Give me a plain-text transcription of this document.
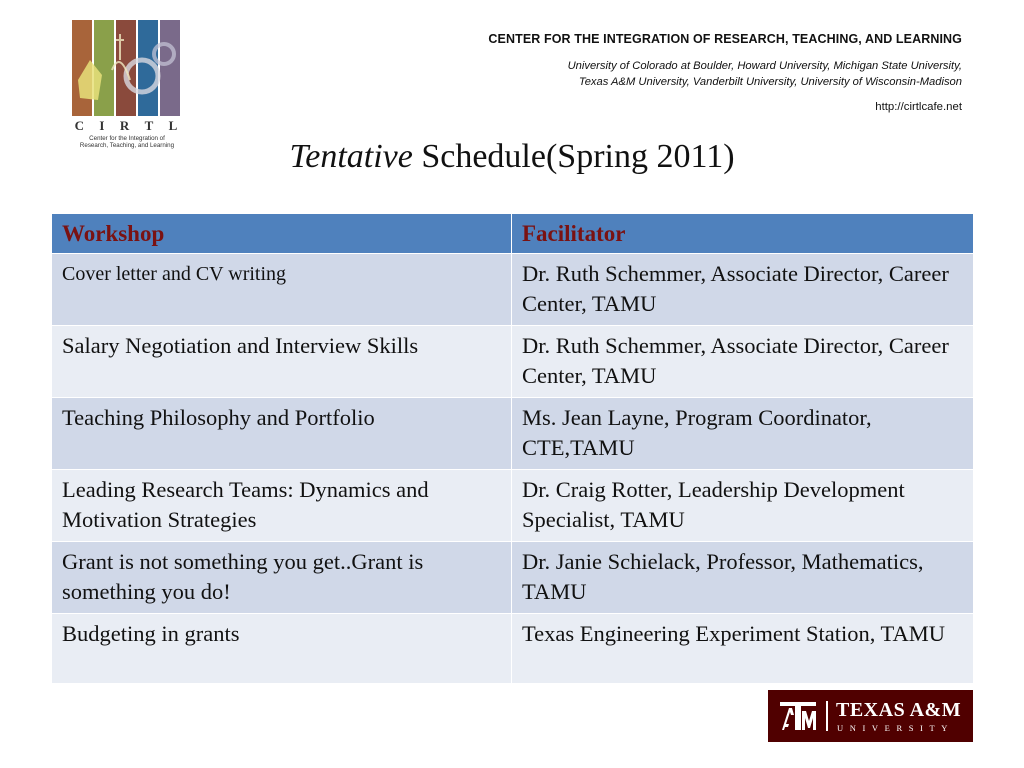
C I R T L
Center for the Integration of
Research, Teaching, and Learning
CENTER FOR THE INTEGRATION OF RESEARCH, TEACHING, AND LEARNING
University of Colorado at Boulder, Howard University, Michigan State University,
Texas A&M University, Vanderbilt University, University of Wisconsin-Madison
http://cirtlcafe.net
Tentative Schedule(Spring 2011)
Workshop	Facilitator
Cover letter and CV writing	Dr. Ruth Schemmer, Associate Director, Career Center, TAMU
Salary Negotiation and Interview Skills	Dr. Ruth Schemmer, Associate Director, Career Center, TAMU
Teaching Philosophy and Portfolio	Ms. Jean Layne, Program Coordinator, CTE,TAMU
Leading Research Teams: Dynamics and Motivation Strategies	Dr. Craig Rotter, Leadership Development Specialist, TAMU
Grant is not something you get..Grant is something you do!	Dr. Janie Schielack, Professor, Mathematics, TAMU
Budgeting in grants	Texas Engineering Experiment Station, TAMU
TEXAS A&M
UNIVERSITY
